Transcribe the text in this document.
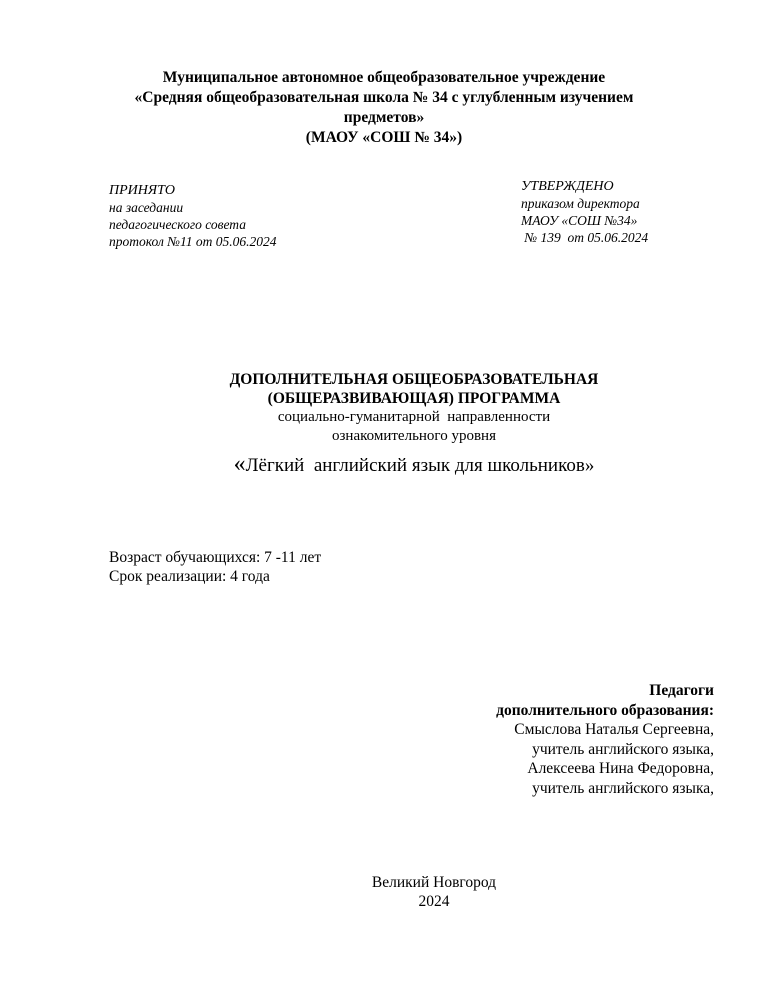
Муниципальное автономное общеобразовательное учреждение
«Средняя общеобразовательная школа № 34 с углубленным изучением
предметов»
(МАОУ «СОШ № 34»)
ПРИНЯТО
на заседании
педагогического совета
протокол №11 от 05.06.2024
УТВЕРЖДЕНО
приказом директора
МАОУ «СОШ №34»
№ 139  от 05.06.2024
ДОПОЛНИТЕЛЬНАЯ ОБЩЕОБРАЗОВАТЕЛЬНАЯ
(ОБЩЕРАЗВИВАЮЩАЯ) ПРОГРАММА
социально-гуманитарной  направленности
ознакомительного уровня
«Лёгкий  английский язык для школьников»
Возраст обучающихся: 7 -11 лет
Срок реализации: 4 года
Педагоги
дополнительного образования:
Смыслова Наталья Сергеевна,
учитель английского языка,
Алексеева Нина Федоровна,
учитель английского языка,
Великий Новгород
2024
